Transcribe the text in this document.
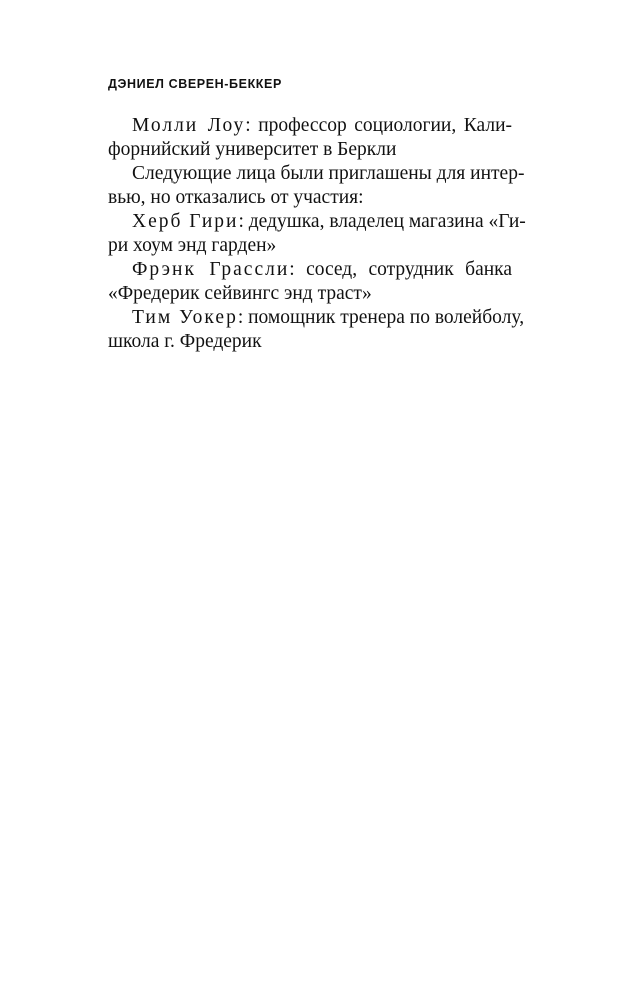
ДЭНИЕЛ СВЕРЕН-БЕККЕР
Молли Лоу: профессор социологии, Кали-
форнийский университет в Беркли
Следующие лица были приглашены для интер-
вью, но отказались от участия:
Херб Гири: дедушка, владелец магазина «Ги-
ри хоум энд гарден»
Фрэнк Грассли: сосед, сотрудник банка
«Фредерик сейвингс энд траст»
Тим Уокер: помощник тренера по волейболу,
школа г. Фредерик
